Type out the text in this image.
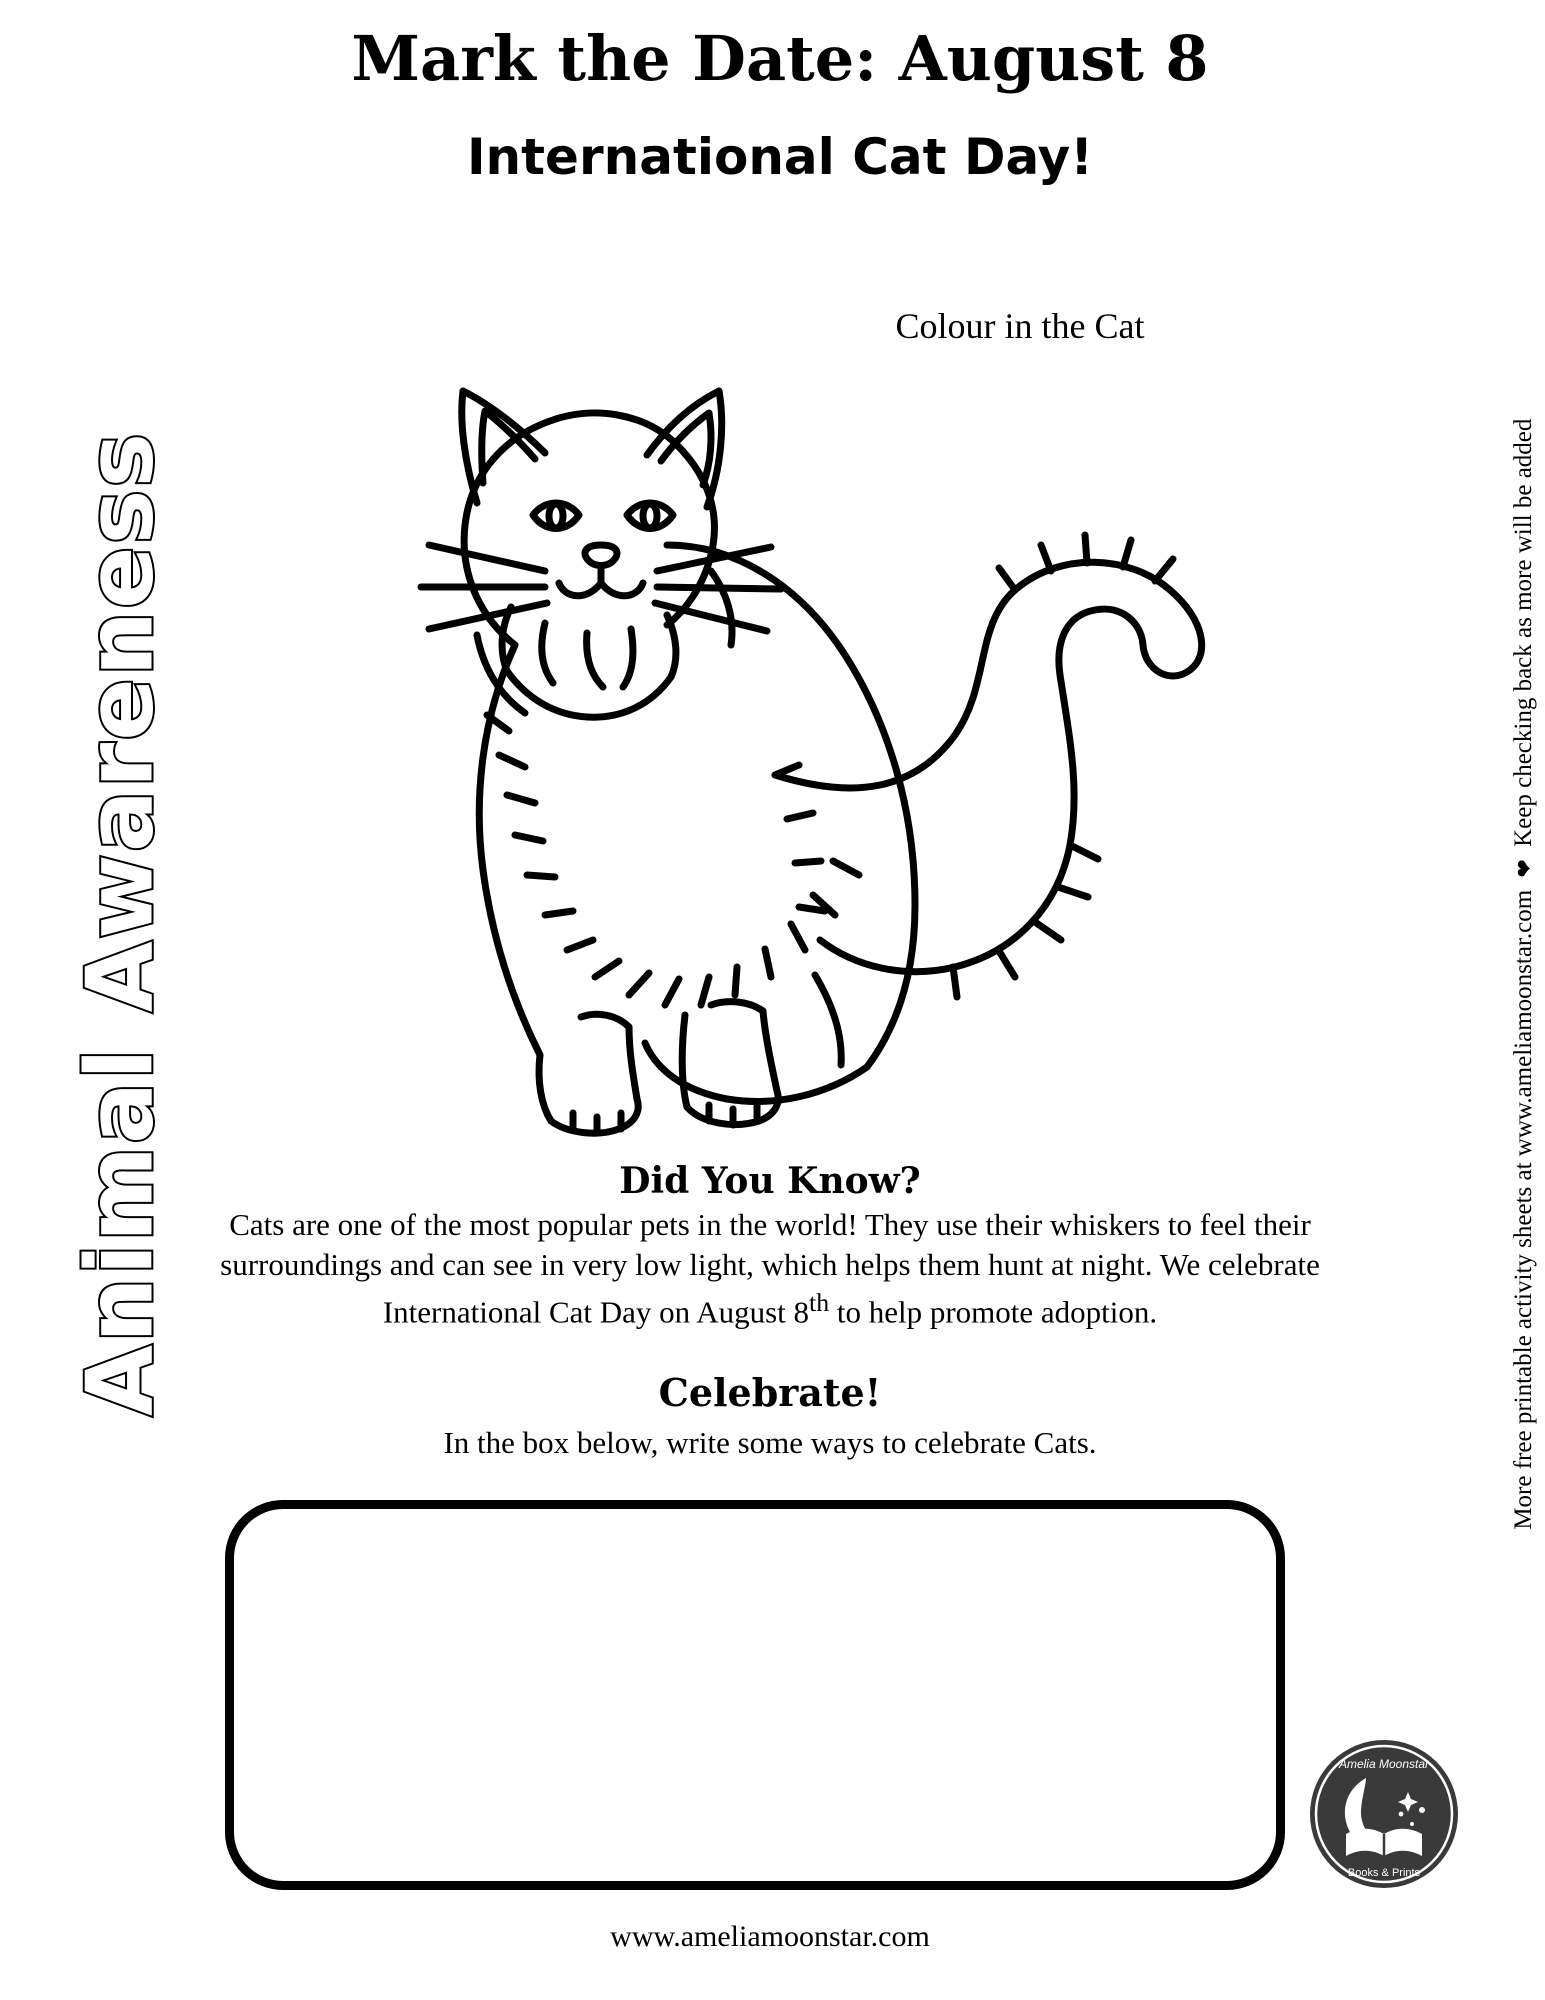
Animal Awareness	More free printable activity sheets at www.ameliamoonstar.com ❤ Keep checking back as more will be added
Mark the Date: August 8
International Cat Day!
Colour in the Cat
Did You Know?
Cats are one of the most popular pets in the world! They use their whiskers to feel their surroundings and can see in very low light, which helps them hunt at night. We celebrate International Cat Day on August 8th to help promote adoption.
Celebrate!
In the box below, write some ways to celebrate Cats.
www.ameliamoonstar.com
Amelia Moonstar
Books & Prints
